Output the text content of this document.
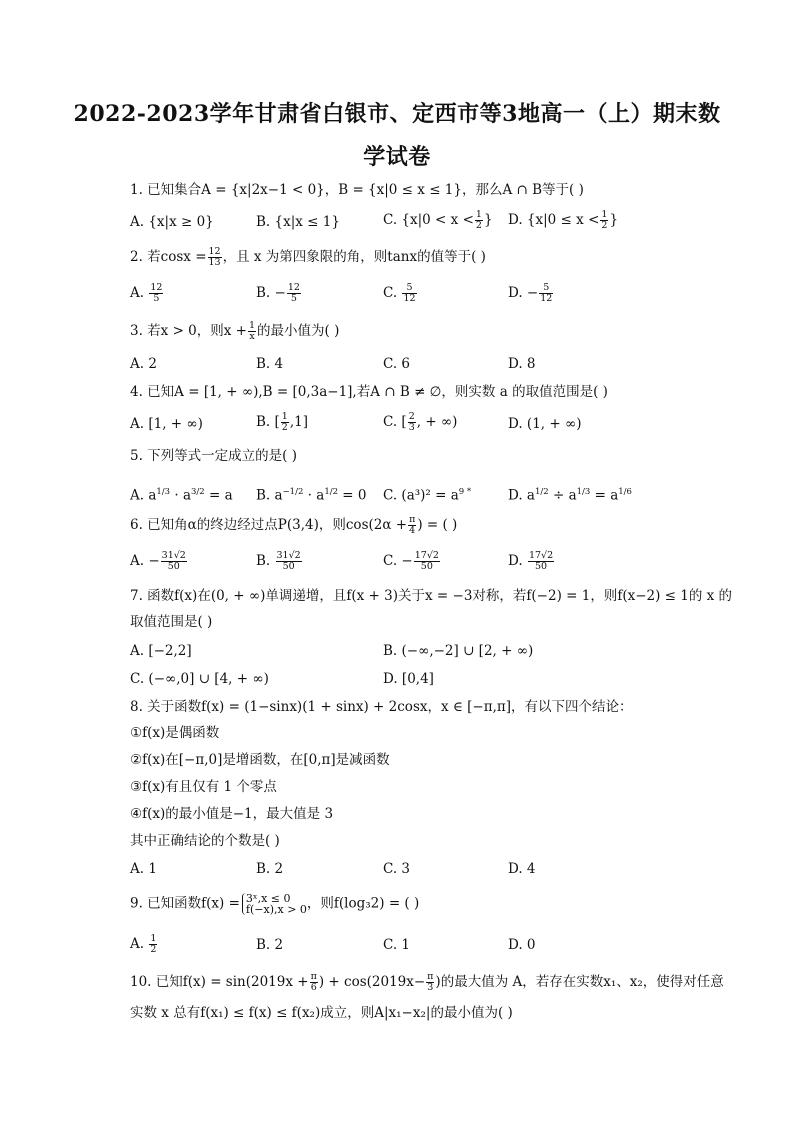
2022-2023学年甘肃省白银市、定西市等3地高一（上）期末数
学试卷
1. 已知集合A = {x|2x−1 < 0}，B = {x|0 ≤ x ≤ 1}，那么A ∩ B等于( )
A. {x|x ≥ 0}	B. {x|x ≤ 1}	C. {$x|0 < x < \frac{1}{2}$ } D. {$x|0 \le x < \frac{1}{2}$ }
2. 若$\cos x = \frac{12}{13}$ ，且 x 为第四象限的角，则tanx的值等于( )
A. $\frac{12}{5}$	B. − $\frac{12}{5}$	C. $\frac{5}{12}$	D. − $\frac{5}{12}$
3. 若x > 0，则$x + \frac{1}{x}$ 的最小值为( )
A. 2	B. 4	C. 6	D. 8
4. 已知A = [1, + ∞),B = [0,3a−1],若A ∩ B ≠ ∅，则实数 a 的取值范围是( )
A. [1, + ∞)	B. [ $\frac{1}{2} ,1$]	C. [ $\frac{2}{3}$ , + ∞)	D. (1, + ∞)
5. 下列等式一定成立的是( )
A. $a^{1/3} \cdot a^{3/2} = a$ B. $a^{-1/2} \cdot a^{1/2} = 0$ C. $(a^3)^2 = a^{9 *}$	D. $a^{1/2} \div a^{1/3} = a^{1/6}$
6. 已知角α的终边经过点P(3,4)，则$\cos(2\alpha + \frac{\pi}{4}$ ) = ( )
A. − $\frac{31√2}{50}$	B. $\frac{31√2}{50}$	C. − $\frac{17√2}{50}$	D. $\frac{17√2}{50}$
7. 函数f(x)在(0, + ∞)单调递增，且f(x + 3)关于x = −3对称，若f(−2) = 1，则f(x−2) ≤ 1的 x 的
取值范围是( )
A. [−2,2]	B. (−∞,−2] ∪ [2, + ∞)
C. (−∞,0] ∪ [4, + ∞)	D. [0,4]
8. 关于函数f(x) = (1−sinx)(1 + sinx) + 2cosx，x ∈ [−π,π]，有以下四个结论：
①f(x)是偶函数
②f(x)在[−π,0]是增函数，在[0,π]是减函数
③f(x)有且仅有 1 个零点
④f(x)的最小值是−1，最大值是 3
其中正确结论的个数是( )
A. 1	B. 2	C. 3	D. 4
9. 已知函数f(x) = 3ˣ,x ≤ 0
f(−x),x > 0 ，则f(log₃2) = ( )
A. $\frac{1}{2}$	B. 2	C. 1	D. 0
10. 已知$f(x) = \sin(2019x + \frac{\pi}{6}$ ) + $\cos(2019x- \frac{\pi}{3}$ )的最大值为 A，若存在实数x₁、x₂，使得对任意
实数 x 总有f(x₁) ≤ f(x) ≤ f(x₂)成立，则A|x₁−x₂|的最小值为( )
